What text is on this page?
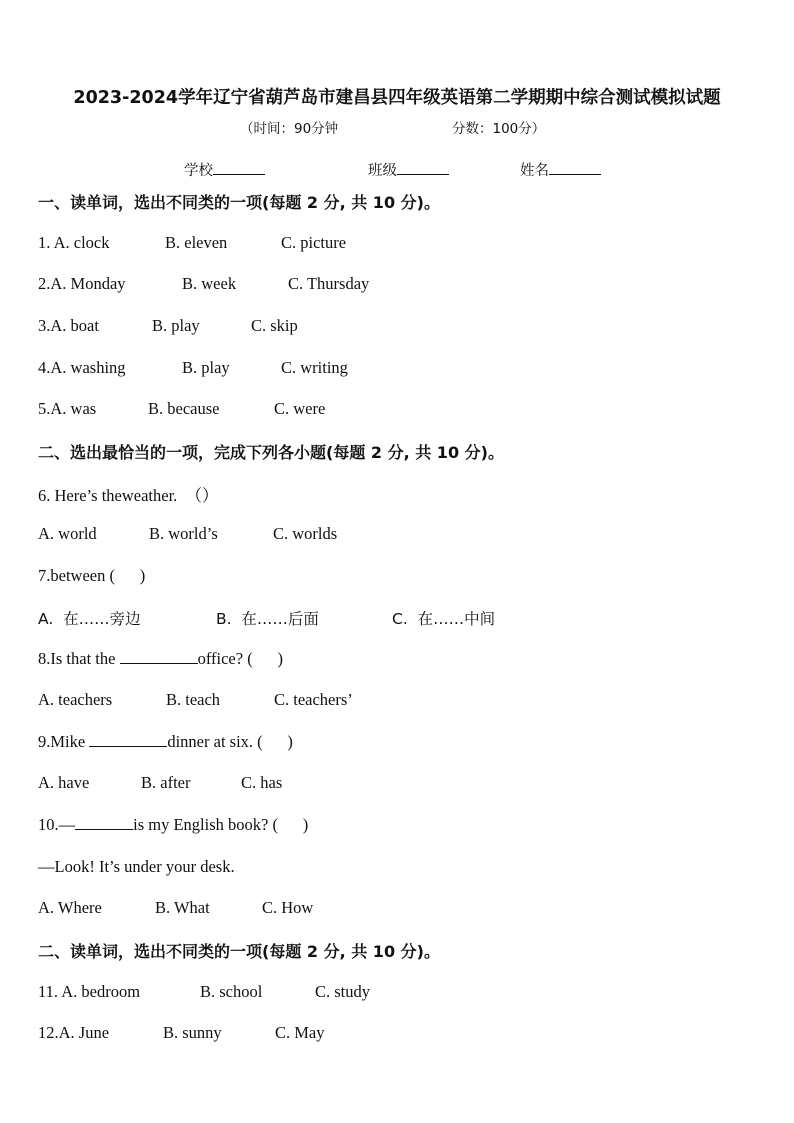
2023-2024学年辽宁省葫芦岛市建昌县四年级英语第二学期期中综合测试模拟试题
（时间：90分钟	分数：100分）
学校	班级	姓名
一、读单词，选出不同类的一项(每题 2 分, 共 10 分)。
1. A. clock	B. eleven	C. picture
2.A. Monday	B. week	C. Thursday
3.A. boat	B. play	C. skip
4.A. washing	B. play	C. writing
5.A. was	B. because	C. were
二、选出最恰当的一项，完成下列各小题(每题 2 分, 共 10 分)。
6. Here’s theweather.  （）
A. world	B. world’s	C. worlds
7.between (      )
A.  在……旁边	B.  在……后面	C.  在……中间
8.Is that the	office? (      )
A. teachers	B. teach	C. teachers’
9.Mike	dinner at six. (      )
A. have	B. after	C. has
10.—	is my English book? (      )
—Look! It’s under your desk.
A. Where	B. What	C. How
二、读单词，选出不同类的一项(每题 2 分, 共 10 分)。
11. A. bedroom	B. school	C. study
12.A. June	B. sunny	C. May
